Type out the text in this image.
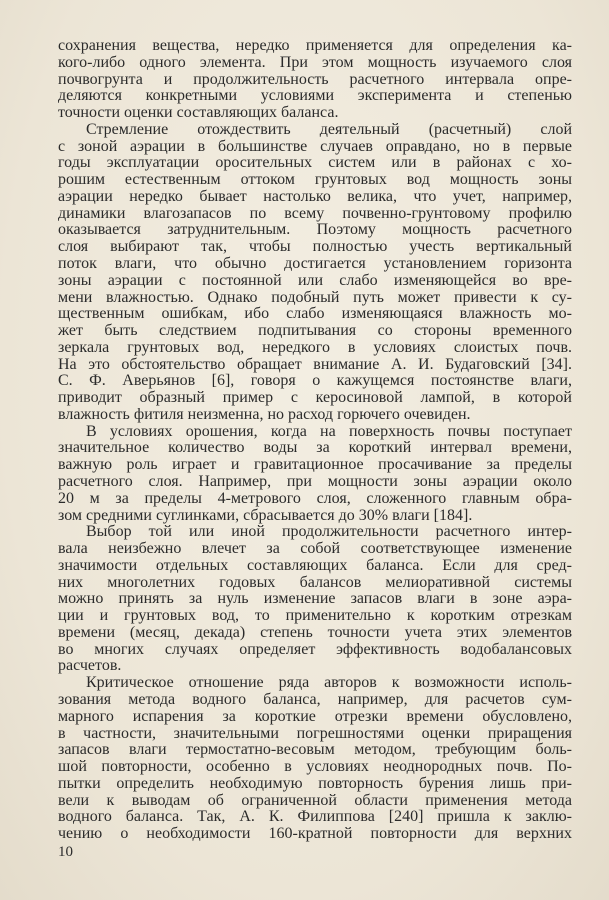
сохранения вещества, нередко применяется для определения ка-
кого-либо одного элемента. При этом мощность изучаемого слоя
почвогрунта и продолжительность расчетного интервала опре-
деляются конкретными условиями эксперимента и степенью
точности оценки составляющих баланса.
Стремление отождествить деятельный (расчетный) слой
с зоной аэрации в большинстве случаев оправдано, но в первые
годы эксплуатации оросительных систем или в районах с хо-
рошим естественным оттоком грунтовых вод мощность зоны
аэрации нередко бывает настолько велика, что учет, например,
динамики влагозапасов по всему почвенно-грунтовому профилю
оказывается затруднительным. Поэтому мощность расчетного
слоя выбирают так, чтобы полностью учесть вертикальный
поток влаги, что обычно достигается установлением горизонта
зоны аэрации с постоянной или слабо изменяющейся во вре-
мени влажностью. Однако подобный путь может привести к су-
щественным ошибкам, ибо слабо изменяющаяся влажность мо-
жет быть следствием подпитывания со стороны временного
зеркала грунтовых вод, нередкого в условиях слоистых почв.
На это обстоятельство обращает внимание А. И. Будаговский [34].
С. Ф. Аверьянов [6], говоря о кажущемся постоянстве влаги,
приводит образный пример с керосиновой лампой, в которой
влажность фитиля неизменна, но расход горючего очевиден.
В условиях орошения, когда на поверхность почвы поступает
значительное количество воды за короткий интервал времени,
важную роль играет и гравитационное просачивание за пределы
расчетного слоя. Например, при мощности зоны аэрации около
20 м за пределы 4-метрового слоя, сложенного главным обра-
зом средними суглинками, сбрасывается до 30% влаги [184].
Выбор той или иной продолжительности расчетного интер-
вала неизбежно влечет за собой соответствующее изменение
значимости отдельных составляющих баланса. Если для сред-
них многолетних годовых балансов мелиоративной системы
можно принять за нуль изменение запасов влаги в зоне аэра-
ции и грунтовых вод, то применительно к коротким отрезкам
времени (месяц, декада) степень точности учета этих элементов
во многих случаях определяет эффективность водобалансовых
расчетов.
Критическое отношение ряда авторов к возможности исполь-
зования метода водного баланса, например, для расчетов сум-
марного испарения за короткие отрезки времени обусловлено,
в частности, значительными погрешностями оценки приращения
запасов влаги термостатно-весовым методом, требующим боль-
шой повторности, особенно в условиях неоднородных почв. По-
пытки определить необходимую повторность бурения лишь при-
вели к выводам об ограниченной области применения метода
водного баланса. Так, А. К. Филиппова [240] пришла к заклю-
чению о необходимости 160-кратной повторности для верхних
10
